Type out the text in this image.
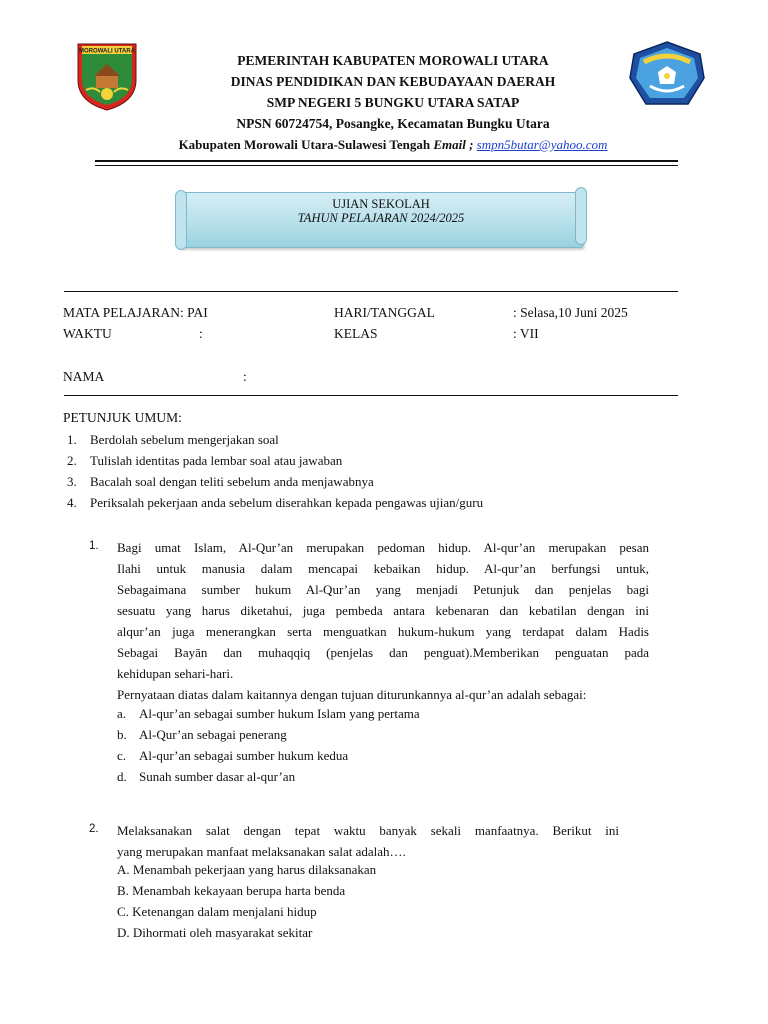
MOROWALI UTARA
PEMERINTAH KABUPATEN MOROWALI UTARA
DINAS PENDIDIKAN DAN KEBUDAYAAN DAERAH
SMP NEGERI 5 BUNGKU UTARA SATAP
NPSN 60724754, Posangke, Kecamatan Bungku Utara
Kabupaten Morowali Utara-Sulawesi Tengah Email ; smpn5butar@yahoo.com
UJIAN SEKOLAH
TAHUN PELAJARAN 2024/2025
MATA PELAJARAN: PAI	HARI/TANGGAL	: Selasa,10 Juni 2025
WAKTU	:	KELAS	: VII
NAMA	:
PETUNJUK UMUM:
1. Berdolah sebelum mengerjakan soal
2. Tulislah identitas pada lembar soal atau jawaban
3. Bacalah soal dengan teliti sebelum anda menjawabnya
4. Periksalah pekerjaan anda sebelum diserahkan kepada pengawas ujian/guru
1. Bagi umat Islam, Al-Qur’an merupakan pedoman hidup. Al-qur’an merupakan pesan
Ilahi untuk manusia dalam mencapai kebaikan hidup. Al-qur’an berfungsi untuk,
Sebagaimana sumber hukum Al-Qur’an yang menjadi Petunjuk dan penjelas bagi
sesuatu yang harus diketahui, juga pembeda antara kebenaran dan kebatilan dengan ini
alqur’an juga menerangkan serta menguatkan hukum-hukum yang terdapat dalam Hadis
Sebagai Bayān dan muhaqqiq (penjelas dan penguat).Memberikan penguatan pada
kehidupan sehari-hari.
Pernyataan diatas dalam kaitannya dengan tujuan diturunkannya al-qur’an adalah sebagai:
a. Al-qur’an sebagai sumber hukum Islam yang pertama
b. Al-Qur’an sebagai penerang
c. Al-qur’an sebagai sumber hukum kedua
d. Sunah sumber dasar al-qur’an
2. Melaksanakan salat dengan tepat waktu banyak sekali manfaatnya. Berikut ini
yang merupakan manfaat melaksanakan salat adalah….
A. Menambah pekerjaan yang harus dilaksanakan
B. Menambah kekayaan berupa harta benda
C. Ketenangan dalam menjalani hidup
D. Dihormati oleh masyarakat sekitar
